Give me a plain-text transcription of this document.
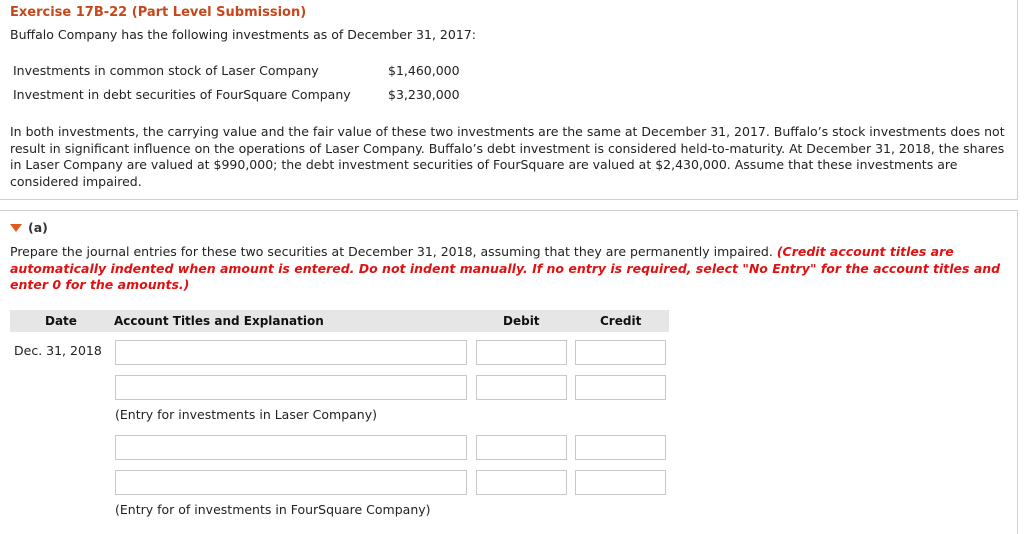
Exercise 17B-22 (Part Level Submission)
Buffalo Company has the following investments as of December 31, 2017:
Investments in common stock of Laser Company	$1,460,000
Investment in debt securities of FourSquare Company	$3,230,000
In both investments, the carrying value and the fair value of these two investments are the same at December 31, 2017. Buffalo’s stock investments does not result in significant influence on the operations of Laser Company. Buffalo’s debt investment is considered held-to-maturity. At December 31, 2018, the shares in Laser Company are valued at $990,000; the debt investment securities of FourSquare are valued at $2,430,000. Assume that these investments are considered impaired.
(a)
Prepare the journal entries for these two securities at December 31, 2018, assuming that they are permanently impaired. (Credit account titles are automatically indented when amount is entered. Do not indent manually. If no entry is required, select "No Entry" for the account titles and enter 0 for the amounts.)
Date	Account Titles and Explanation	Debit	Credit
Dec. 31, 2018
(Entry for investments in Laser Company)
(Entry for of investments in FourSquare Company)
